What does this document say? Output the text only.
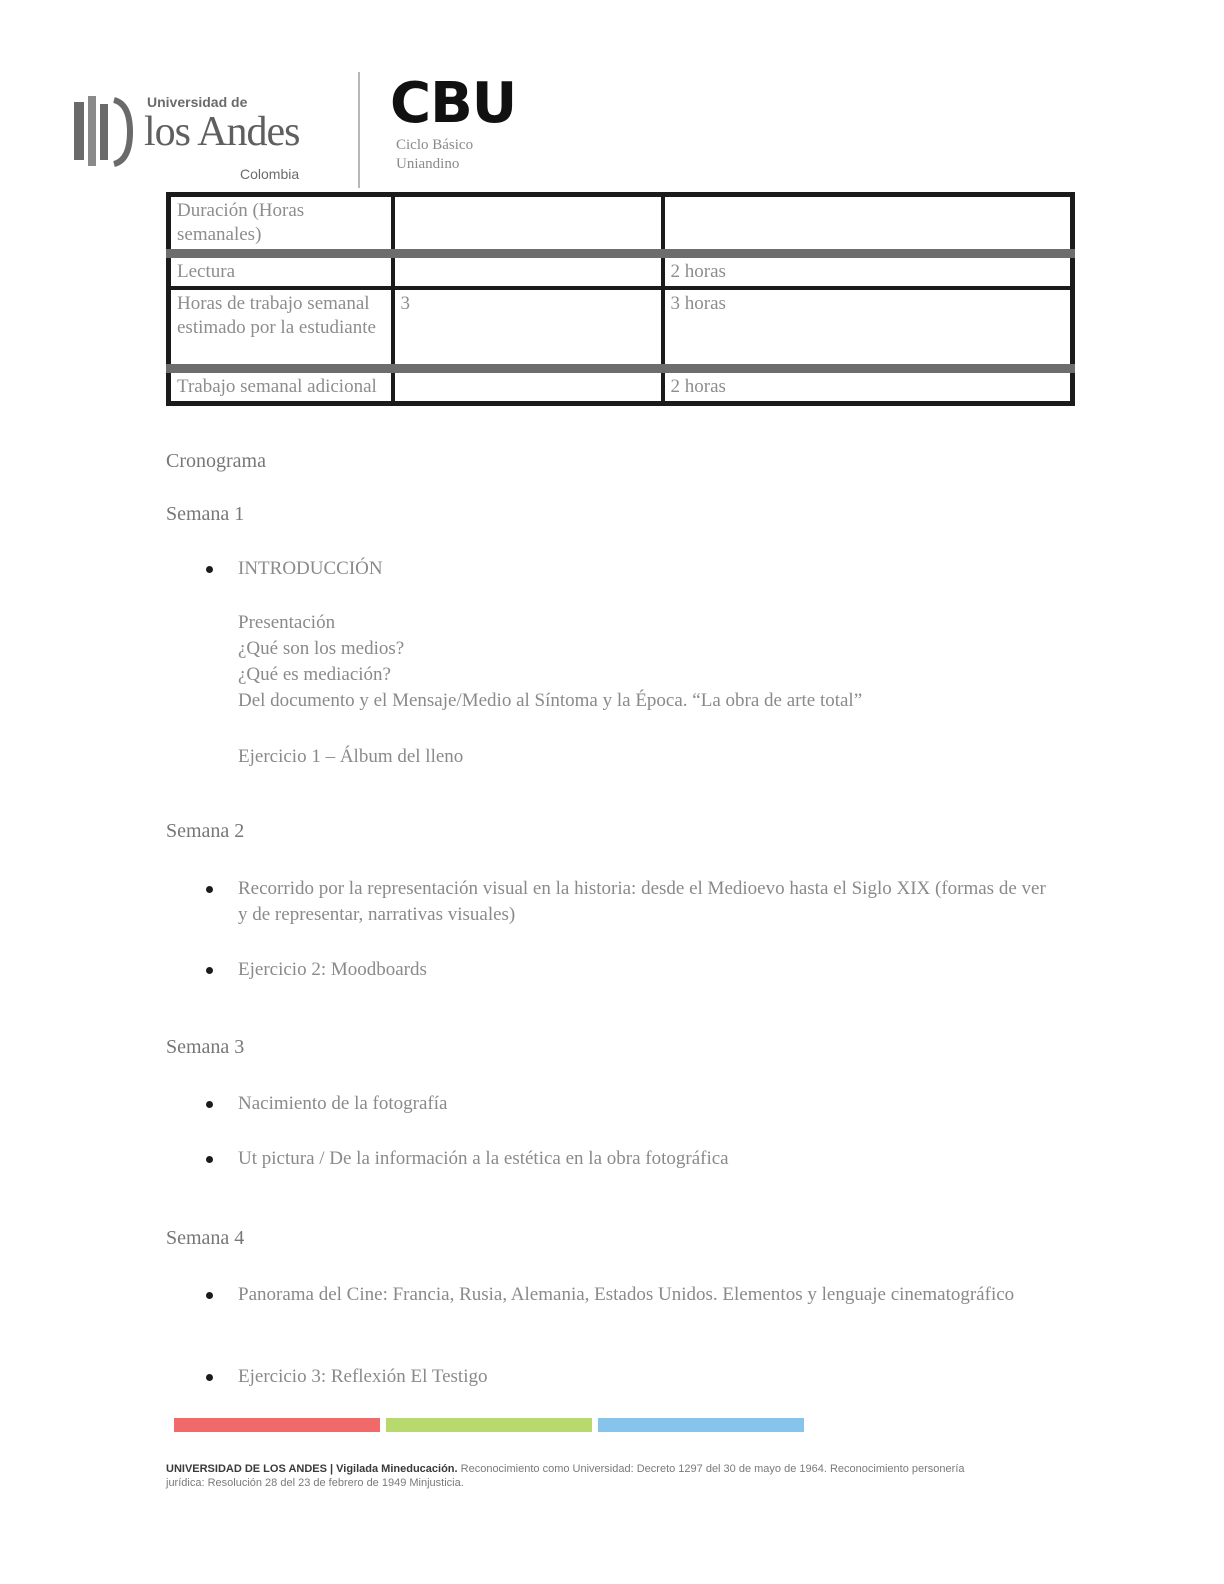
Universidad de
los Andes
Colombia
CBU
Ciclo Básico
Uniandino
Duración (Horas semanales)		
Lectura		2 horas
Horas de trabajo semanal estimado por la estudiante	3	3 horas
Trabajo semanal adicional		2 horas
Cronograma
Semana 1
INTRODUCCIÓN
Presentación
¿Qué son los medios?
¿Qué es mediación?
Del documento y el Mensaje/Medio al Síntoma y la Época. “La obra de arte total”
Ejercicio 1 – Álbum del lleno
Semana 2
Recorrido por la representación visual en la historia: desde el Medioevo hasta el Siglo XIX (formas de ver y de representar, narrativas visuales)
Ejercicio 2: Moodboards
Semana 3
Nacimiento de la fotografía
Ut pictura / De la información a la estética en la obra fotográfica
Semana 4
Panorama del Cine: Francia, Rusia, Alemania, Estados Unidos. Elementos y lenguaje cinematográfico
Ejercicio 3: Reflexión El Testigo
UNIVERSIDAD DE LOS ANDES | Vigilada Mineducación. Reconocimiento como Universidad: Decreto 1297 del 30 de mayo de 1964. Reconocimiento personería jurídica: Resolución 28 del 23 de febrero de 1949 Minjusticia.
